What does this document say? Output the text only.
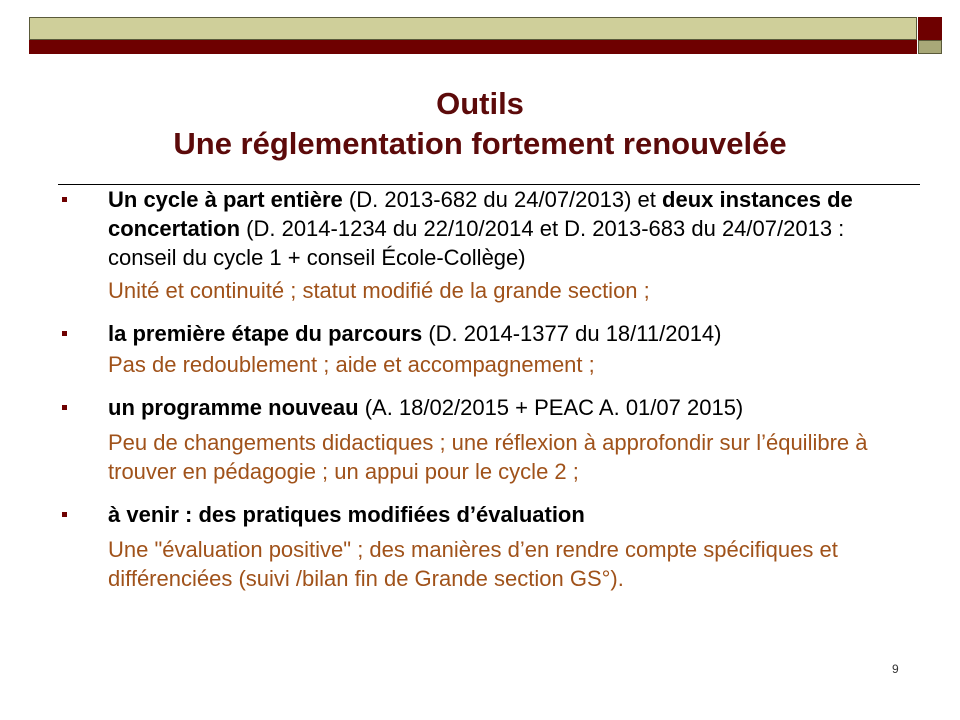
Outils
Une réglementation fortement renouvelée
Un cycle à part entière (D. 2013-682 du 24/07/2013) et deux instances de concertation (D. 2014-1234 du 22/10/2014 et D. 2013-683 du 24/07/2013 : conseil du cycle 1 + conseil École-Collège)
Unité et continuité ; statut modifié de la grande section ;
la première étape du parcours (D. 2014-1377 du 18/11/2014)
Pas de redoublement ; aide et accompagnement ;
un programme nouveau (A. 18/02/2015 + PEAC A. 01/07 2015)
Peu de changements didactiques ; une réflexion à approfondir sur l’équilibre à trouver en pédagogie ; un appui pour le cycle 2 ;
à venir : des pratiques modifiées d’évaluation
Une "évaluation positive" ; des manières d’en rendre compte spécifiques et différenciées (suivi /bilan fin de Grande section GS°).
9
